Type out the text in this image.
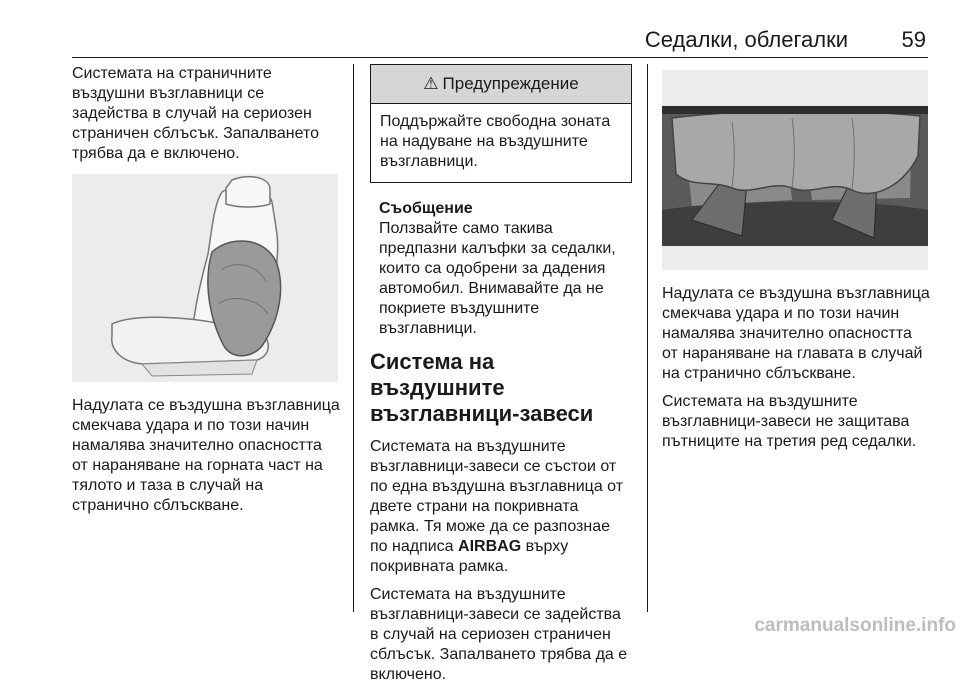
Седалки, облегалки	59

Системата на страничните въздушни възглавници се задейства в случай на сериозен страничен сблъсък. Запалването трябва да е включено.

Надулата се въздушна възглавница смекчава удара и по този начин намалява значително опасността от нараняване на горната част на тялото и таза в случай на странично сблъскване.

⚠ Предупреждение
Поддържайте свободна зоната на надуване на въздушните възглавници.
Съобщение
Ползвайте само такива предпазни калъфки за седалки, които са одобрени за дадения автомобил. Внимавайте да не покриете въздушните възглавници.
Система на въздушните възглавници-завеси

Системата на въздушните възглавници-завеси се състои от по една въздушна възглавница от двете страни на покривната рамка. Тя може да се разпознае по надписа AIRBAG върху покривната рамка.

Системата на въздушните възглавници-завеси се задейства в случай на сериозен страничен сблъсък. Запалването трябва да е включено.

Надулата се въздушна възглавница смекчава удара и по този начин намалява значително опасността от нараняване на главата в случай на странично сблъскване.

Системата на въздушните възглавници-завеси не защитава пътниците на третия ред седалки.

carmanualsonline.info
